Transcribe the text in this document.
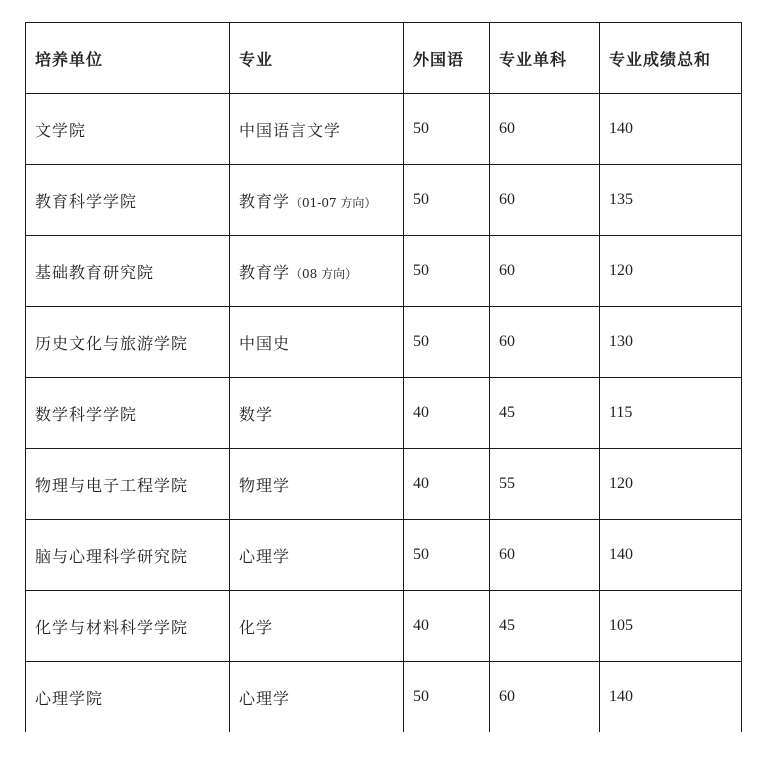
培养单位	专业	外国语	专业单科	专业成绩总和
文学院	中国语言文学	50	60	140
教育科学学院	教育学（01-07 方向）	50	60	135
基础教育研究院	教育学（08 方向）	50	60	120
历史文化与旅游学院	中国史	50	60	130
数学科学学院	数学	40	45	115
物理与电子工程学院	物理学	40	55	120
脑与心理科学研究院	心理学	50	60	140
化学与材料科学学院	化学	40	45	105
心理学院	心理学	50	60	140
